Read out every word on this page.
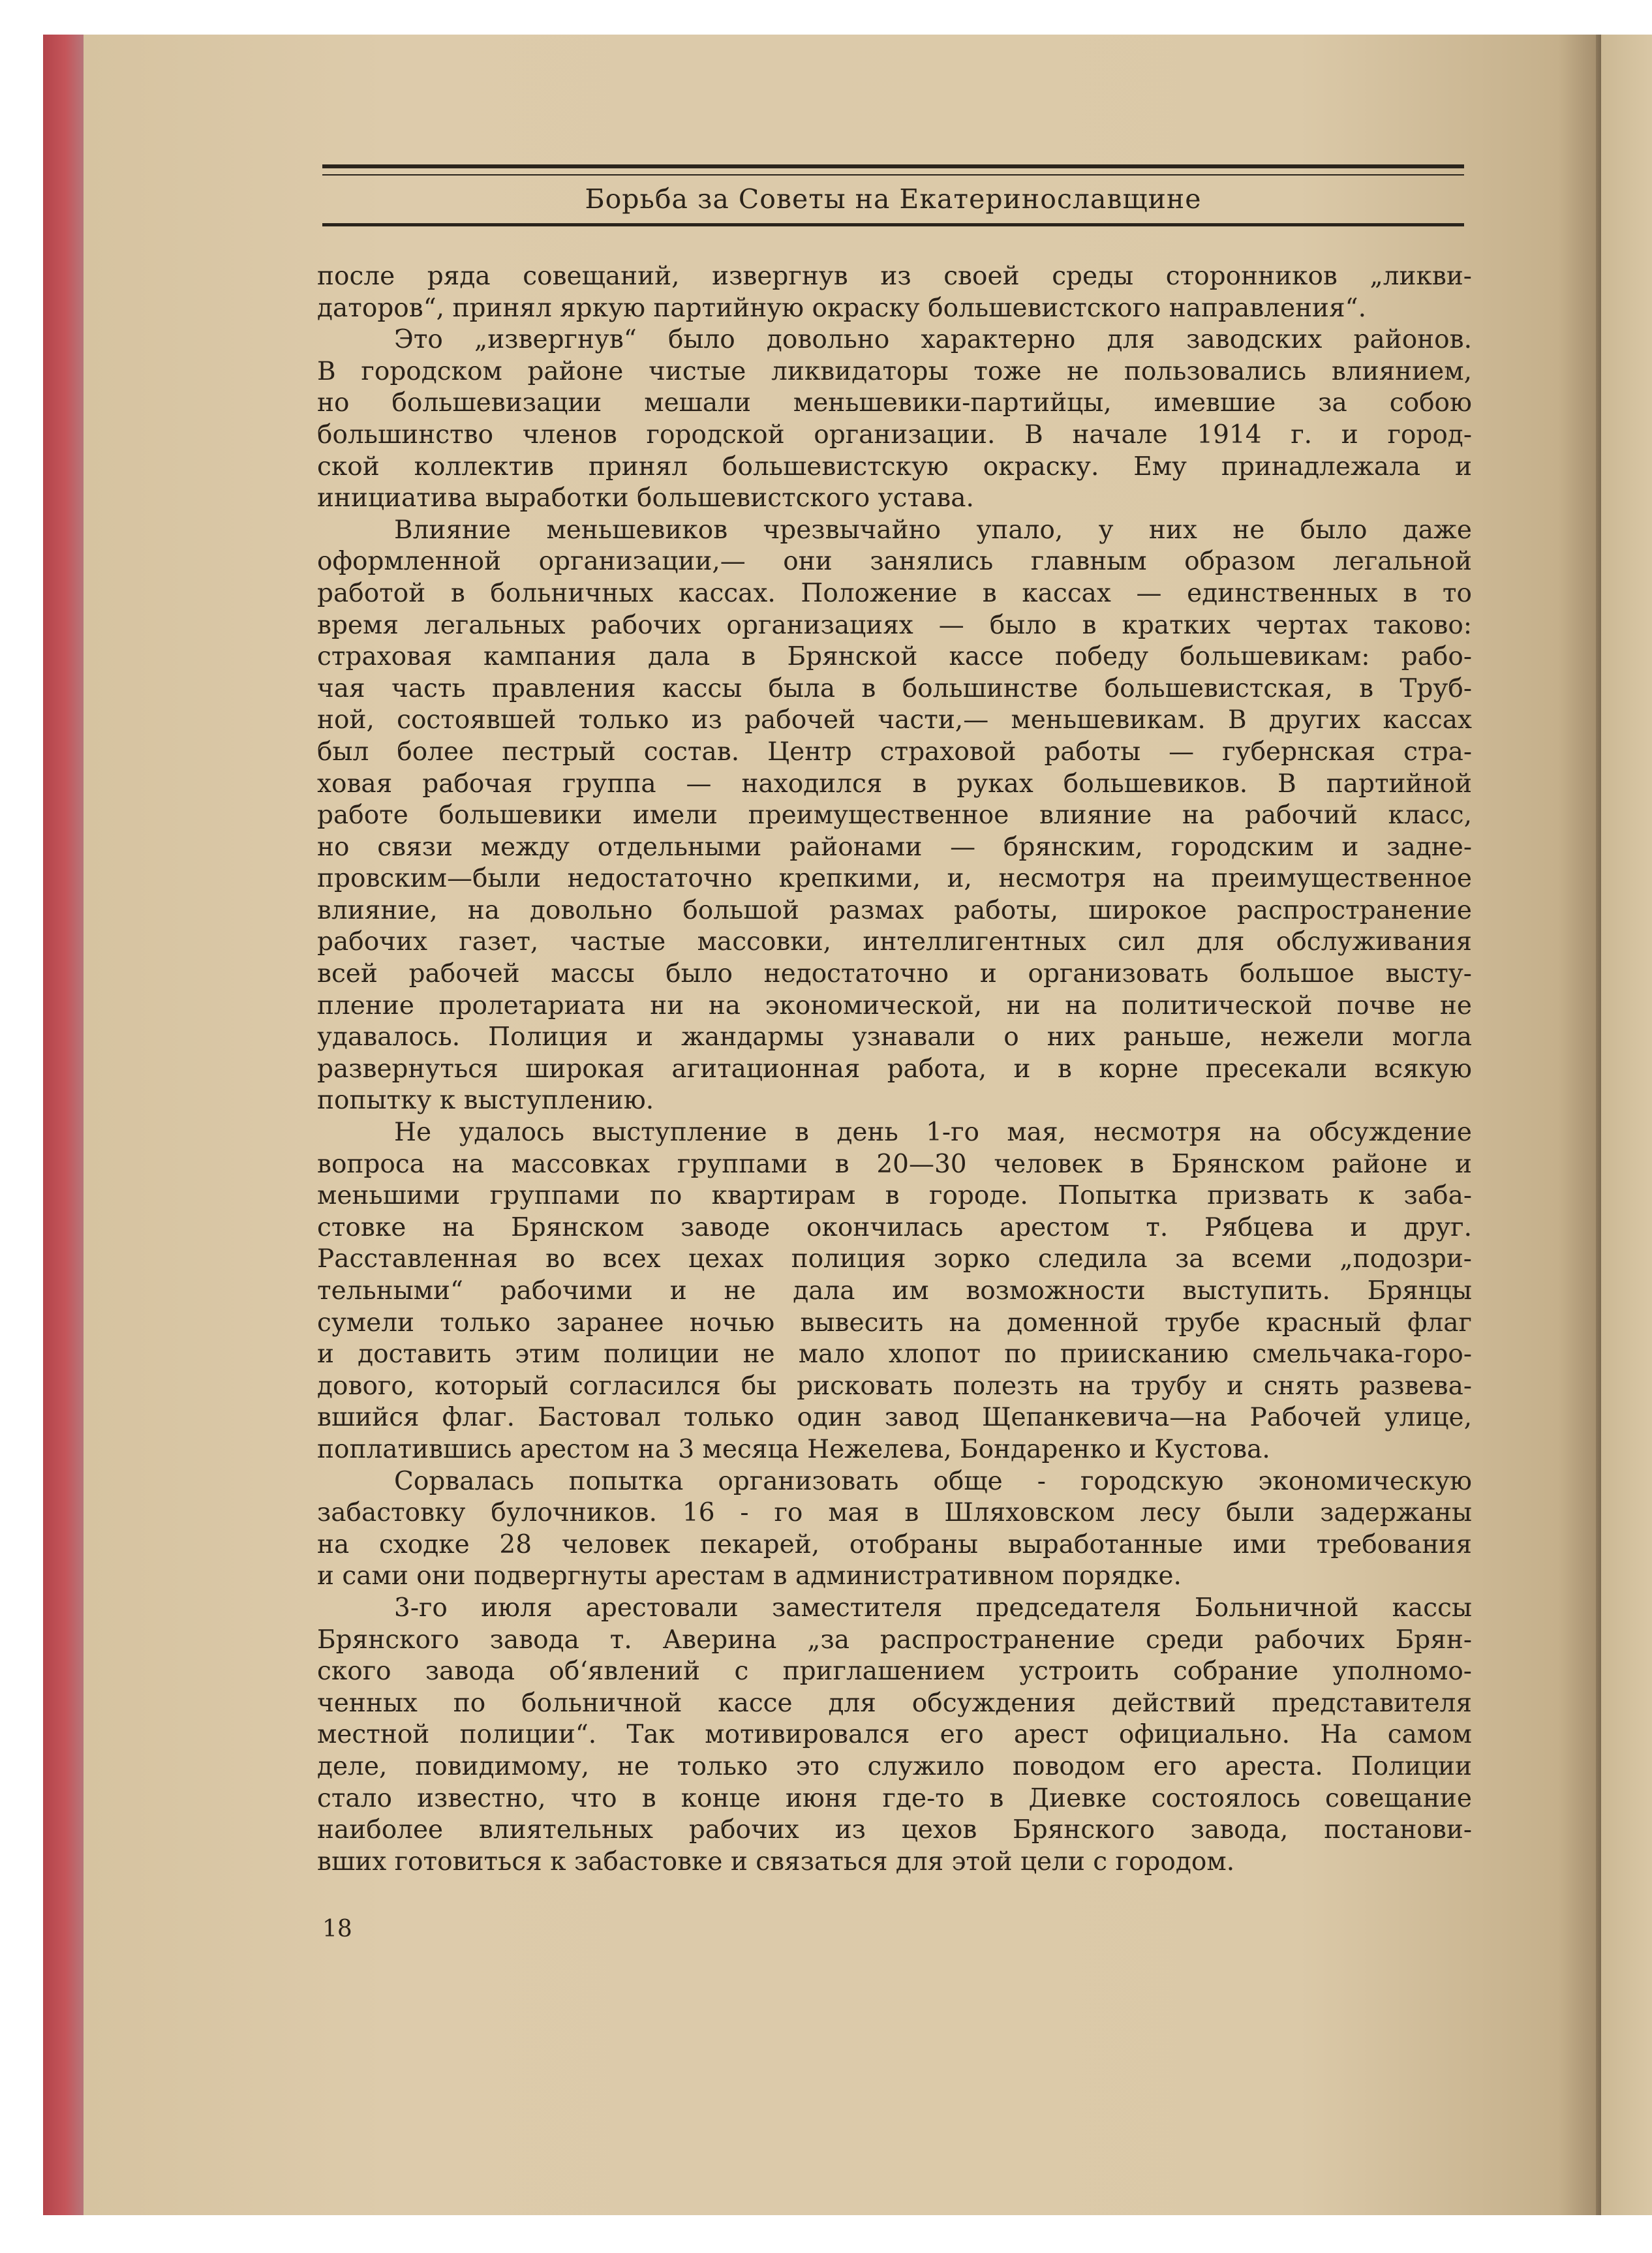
Борьба за Советы на Екатеринославщине
после ряда совещаний, извергнув из своей среды сторонников „ликви-
даторов“, принял яркую партийную окраску большевистского направления“.
Это „извергнув“ было довольно характерно для заводских районов.
В городском районе чистые ликвидаторы тоже не пользовались влиянием,
но большевизации мешали меньшевики-партийцы, имевшие за собою
большинство членов городской организации. В начале 1914 г. и город-
ской коллектив принял большевистскую окраску. Ему принадлежала и
инициатива выработки большевистского устава.
Влияние меньшевиков чрезвычайно упало, у них не было даже
оформленной организации,— они занялись главным образом легальной
работой в больничных кассах. Положение в кассах — единственных в то
время легальных рабочих организациях — было в кратких чертах таково:
страховая кампания дала в Брянской кассе победу большевикам: рабо-
чая часть правления кассы была в большинстве большевистская, в Труб-
ной, состоявшей только из рабочей части,— меньшевикам. В других кассах
был более пестрый состав. Центр страховой работы — губернская стра-
ховая рабочая группа — находился в руках большевиков. В партийной
работе большевики имели преимущественное влияние на рабочий класс,
но связи между отдельными районами — брянским, городским и задне-
провским—были недостаточно крепкими, и, несмотря на преимущественное
влияние, на довольно большой размах работы, широкое распространение
рабочих газет, частые массовки, интеллигентных сил для обслуживания
всей рабочей массы было недостаточно и организовать большое высту-
пление пролетариата ни на экономической, ни на политической почве не
удавалось. Полиция и жандармы узнавали о них раньше, нежели могла
развернуться широкая агитационная работа, и в корне пресекали всякую
попытку к выступлению.
Не удалось выступление в день 1-го мая, несмотря на обсуждение
вопроса на массовках группами в 20—30 человек в Брянском районе и
меньшими группами по квартирам в городе. Попытка призвать к заба-
стовке на Брянском заводе окончилась арестом т. Рябцева и друг.
Расставленная во всех цехах полиция зорко следила за всеми „подозри-
тельными“ рабочими и не дала им возможности выступить. Брянцы
сумели только заранее ночью вывесить на доменной трубе красный флаг
и доставить этим полиции не мало хлопот по приисканию смельчака-горо-
дового, который согласился бы рисковать полезть на трубу и снять развева-
вшийся флаг. Бастовал только один завод Щепанкевича—на Рабочей улице,
поплатившись арестом на 3 месяца Нежелева, Бондаренко и Кустова.
Сорвалась попытка организовать обще - городскую экономическую
забастовку булочников. 16 - го мая в Шляховском лесу были задержаны
на сходке 28 человек пекарей, отобраны выработанные ими требования
и сами они подвергнуты арестам в административном порядке.
3-го июля арестовали заместителя председателя Больничной кассы
Брянского завода т. Аверина „за распространение среди рабочих Брян-
ского завода об‘явлений с приглашением устроить собрание уполномо-
ченных по больничной кассе для обсуждения действий представителя
местной полиции“. Так мотивировался его арест официально. На самом
деле, повидимому, не только это служило поводом его ареста. Полиции
стало известно, что в конце июня где-то в Диевке состоялось совещание
наиболее влиятельных рабочих из цехов Брянского завода, постанови-
вших готовиться к забастовке и связаться для этой цели с городом.
18
